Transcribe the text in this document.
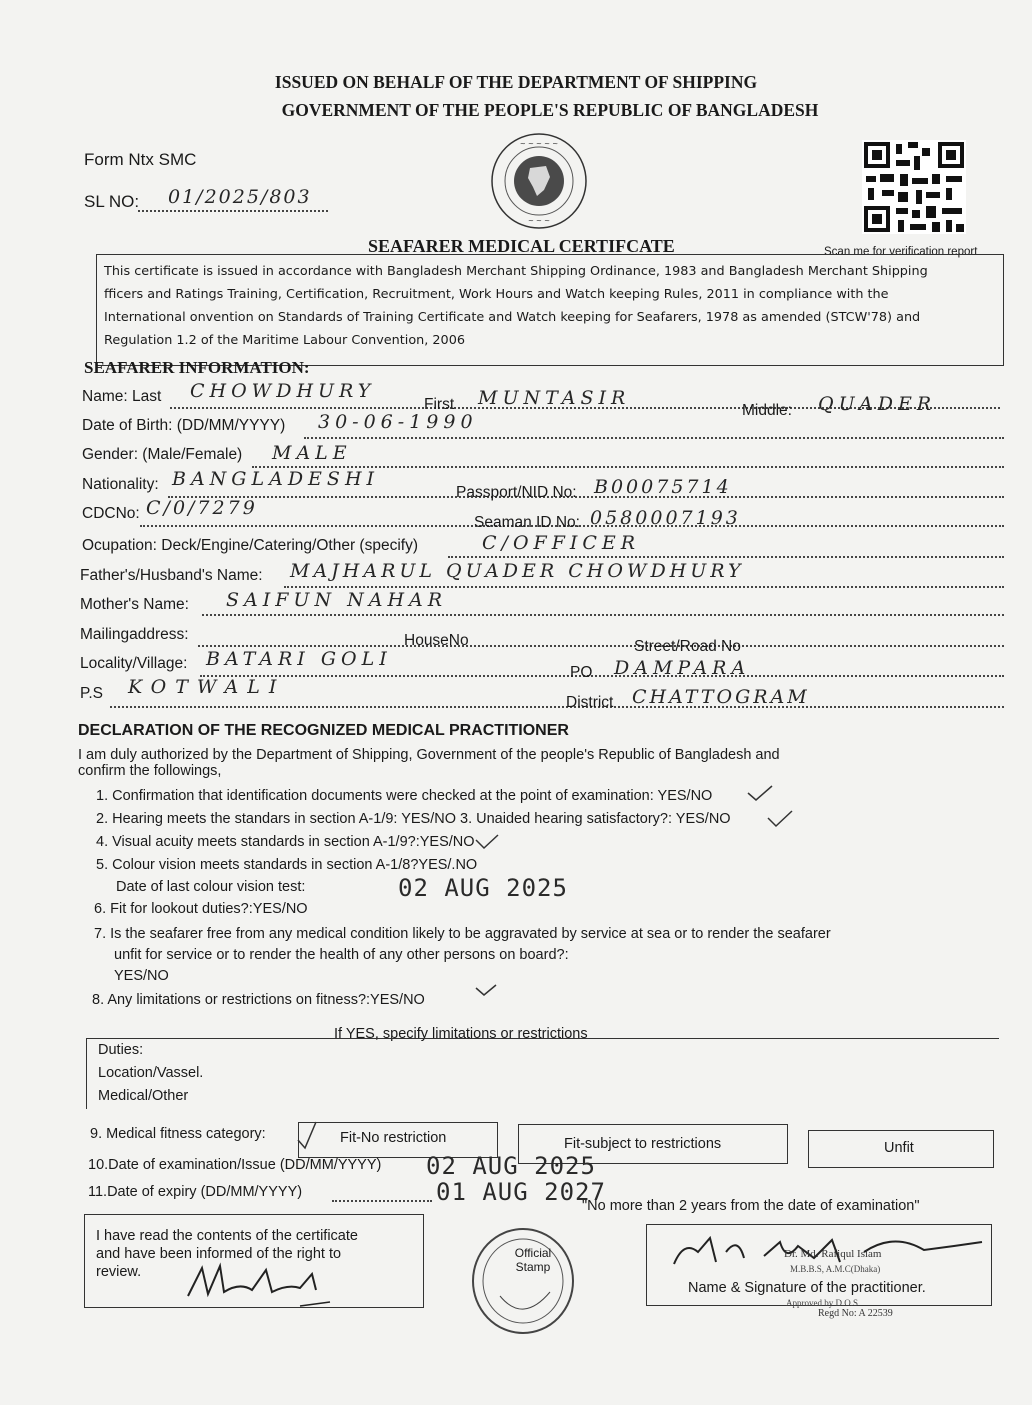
ISSUED ON BEHALF OF THE DEPARTMENT OF SHIPPING
GOVERNMENT OF THE PEOPLE'S REPUBLIC OF BANGLADESH
Form Ntx SMC
SL NO: 01/2025/803
~ ~ ~ ~ ~
~ ~ ~
Scan me for verification report
SEAFARER MEDICAL CERTIFCATE
This certificate is issued in accordance with Bangladesh Merchant Shipping Ordinance, 1983 and Bangladesh Merchant Shipping
fficers and Ratings Training, Certification, Recruitment, Work Hours and Watch keeping Rules, 2011 in compliance with the
International onvention on Standards of Training Certificate and Watch keeping for Seafarers, 1978 as amended (STCW'78) and
Regulation 1.2 of the Maritime Labour Convention, 2006
SEAFARER INFORMATION:
Name: Last CHOWDHURY
First MUNTASIR
Middle: QUADER
Date of Birth: (DD/MM/YYYY) 30-06-1990
Gender: (Male/Female) MALE
Nationality: BANGLADESHI
Passport/NID No: B00075714
CDCNo: C/0/7279
Seaman ID No: 0580007193
Ocupation: Deck/Engine/Catering/Other (specify)	C/OFFICER
Father's/Husband's Name: MAJHARUL QUADER CHOWDHURY
Mother's Name: SAIFUN NAHAR
Mailingaddress:	HouseNo	Street/Road No
Locality/Village: BATARI GOLI
PO DAMPARA
P.S KOTWALI
District CHATTOGRAM
DECLARATION OF THE RECOGNIZED MEDICAL PRACTITIONER
I am duly authorized by the Department of Shipping, Government of the people's Republic of Bangladesh and
confirm the followings,
1. Confirmation that identification documents were checked at the point of examination: YES/NO
2. Hearing meets the standars in section A-1/9: YES/NO 3. Unaided hearing satisfactory?: YES/NO
4. Visual acuity meets standards in section A-1/9?:YES/NO
5. Colour vision meets standards in section A-1/8?YES/.NO
Date of last colour vision test:	02 AUG 2025
6. Fit for lookout duties?:YES/NO
7. Is the seafarer free from any medical condition likely to be aggravated by service at sea or to render the seafarer
unfit for service or to render the health of any other persons on board?:
YES/NO
8. Any limitations or restrictions on fitness?:YES/NO
If YES, specify limitations or restrictions
Duties:
Location/Vassel.
Medical/Other
9. Medical fitness category:	Fit-No restriction	Fit-subject to restrictions	Unfit
10.Date of examination/Issue (DD/MM/YYYY) 02 AUG 2025
11.Date of expiry (DD/MM/YYYY)	01 AUG 2027
"No more than 2 years from the date of examination"
I have read the contents of the certificate
and have been informed of the right to
review.
Official Stamp
Dr. Md. Rafiqul Islam
M.B.B.S, A.M.C(Dhaka)
Name & Signature of the practitioner.
Approved by D.O.S
Regd No: A 22539
